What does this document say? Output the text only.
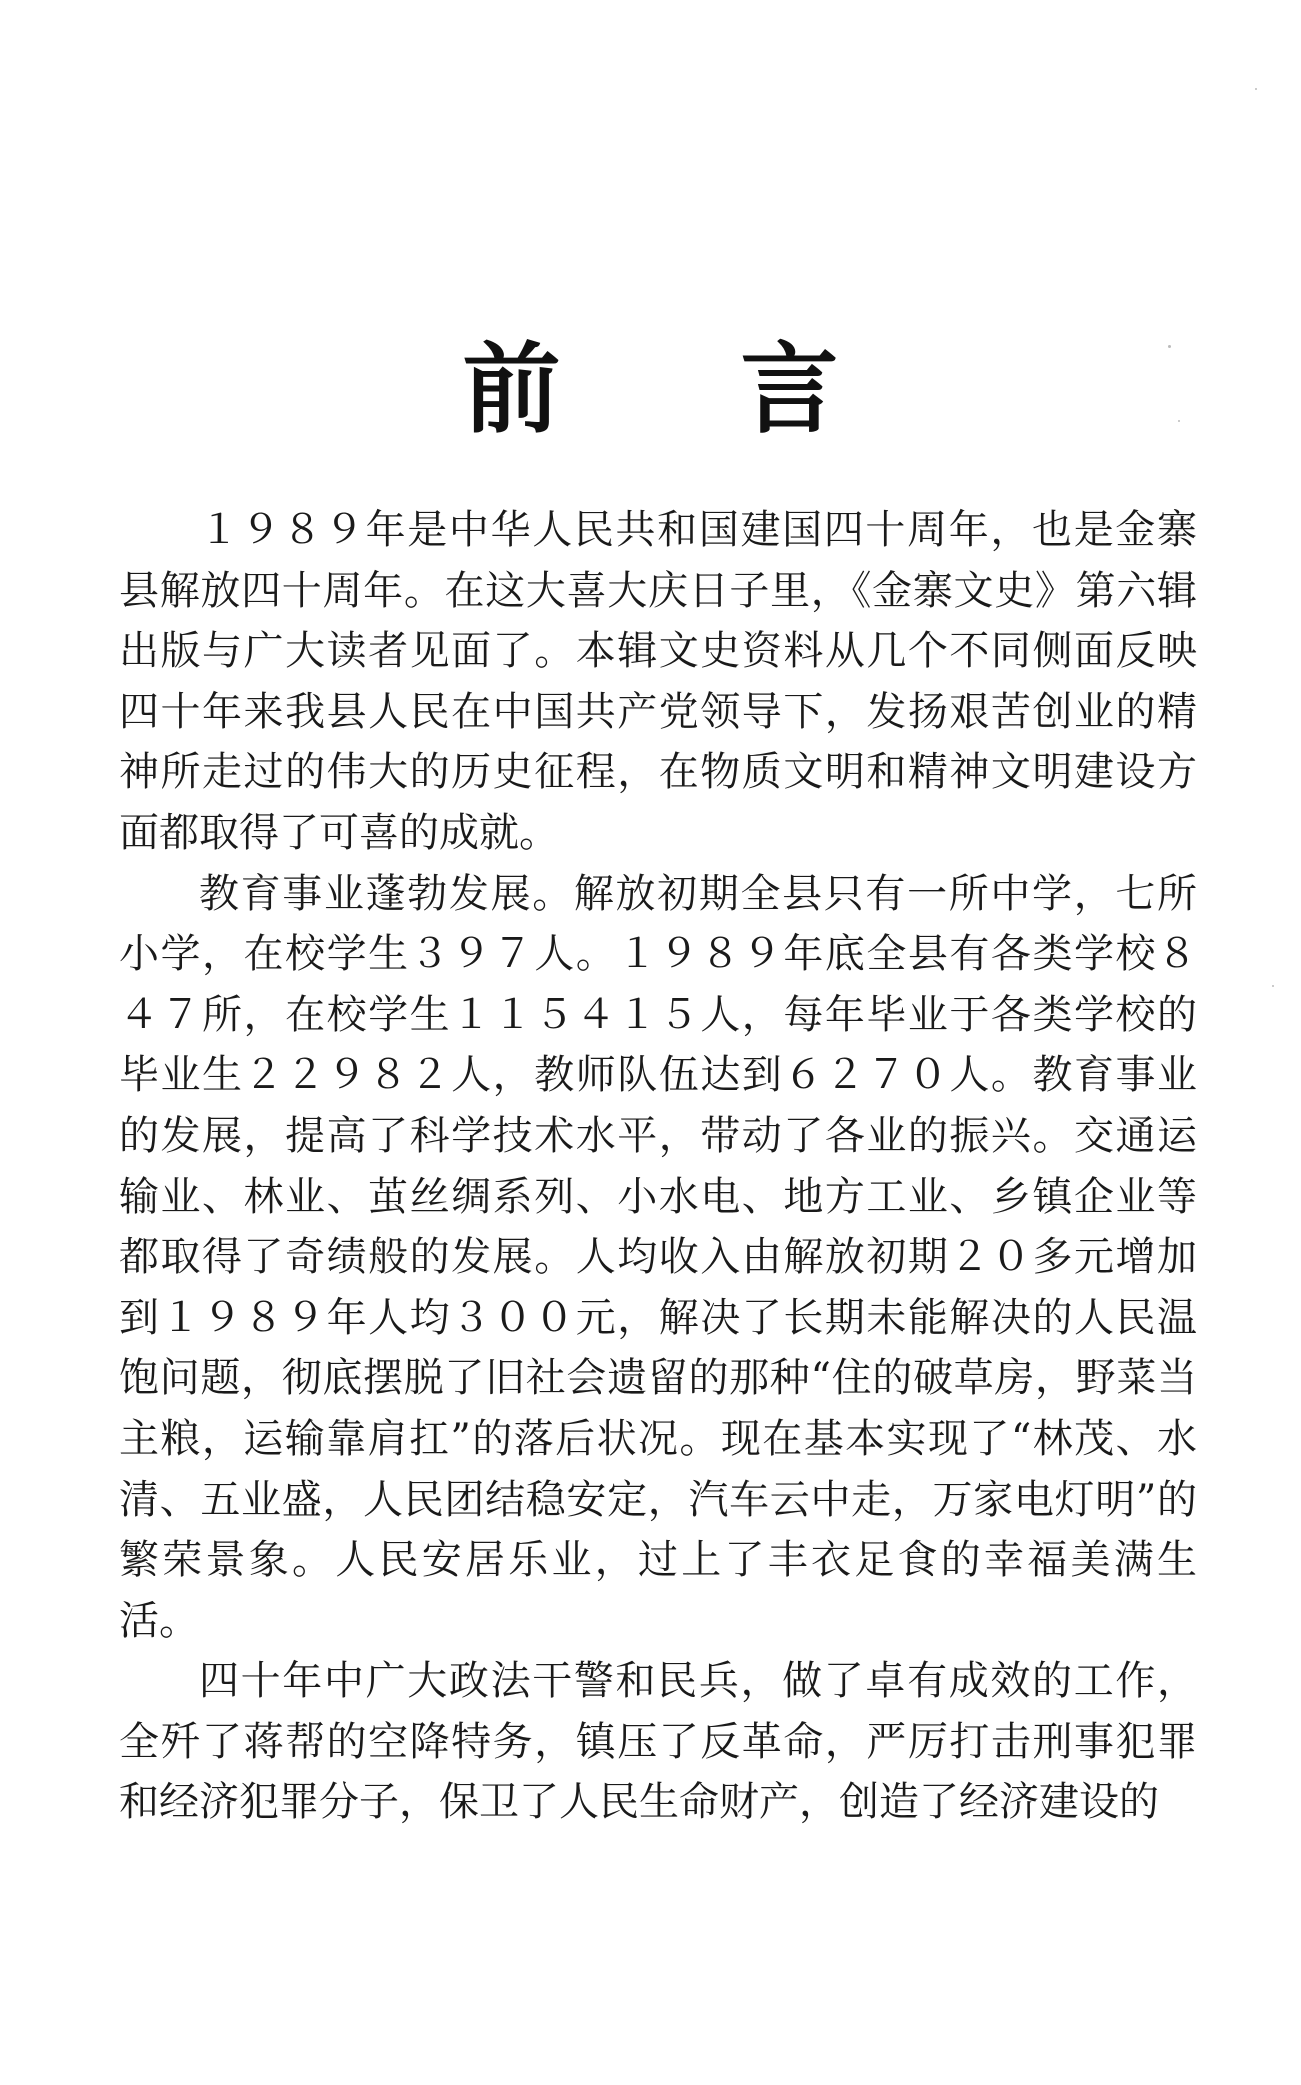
前 言

１９８９年是中华人民共和国建国四十周年，也是金寨县解放四十周年。在这大喜大庆日子里，《金寨文史》第六辑出版与广大读者见面了。本辑文史资料从几个不同侧面反映四十年来我县人民在中国共产党领导下，发扬艰苦创业的精神所走过的伟大的历史征程，在物质文明和精神文明建设方面都取得了可喜的成就。

教育事业蓬勃发展。解放初期全县只有一所中学，七所小学，在校学生３９７人。１９８９年底全县有各类学校８４７所，在校学生１１５４１５人，每年毕业于各类学校的毕业生２２９８２人，教师队伍达到６２７０人。教育事业的发展，提高了科学技术水平，带动了各业的振兴。交通运输业、林业、茧丝绸系列、小水电、地方工业、乡镇企业等都取得了奇绩般的发展。人均收入由解放初期２０多元增加到１９８９年人均３００元，解决了长期未能解决的人民温饱问题，彻底摆脱了旧社会遗留的那种“住的破草房，野菜当主粮，运输靠肩扛”的落后状况。现在基本实现了“林茂、水清、五业盛，人民团结稳安定，汽车云中走，万家电灯明”的繁荣景象。人民安居乐业，过上了丰衣足食的幸福美满生活。

四十年中广大政法干警和民兵，做了卓有成效的工作，全歼了蒋帮的空降特务，镇压了反革命，严厉打击刑事犯罪和经济犯罪分子，保卫了人民生命财产，创造了经济建设的
